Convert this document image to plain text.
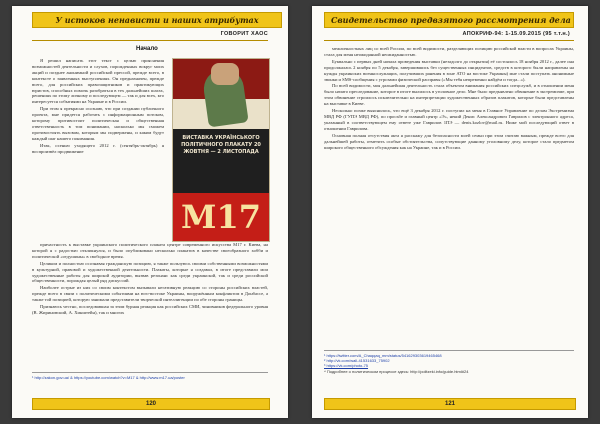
У истоков ненависти и наших атрибутах
ГОВОРИТ ХАОС
Начало

Я решил написать этот текст с целью прояснения возможностей деятельности и слухов, порожденных вокруг моих акций и позднее анонимной российской прессой, прежде всего, в контексте о заявленных выступлениях. Он предназначен, прежде всего, для российских правозащитников и практикующих юристов, способных помочь разобраться в тех дальнейших шагах, решениях по этому личному и последующем — так и для всех, кто интересуется событиями на Украине и в России.

При этом я прекрасно осознаю, что при создании публичного проекта, мне придется работать с информационным потоком, которому противостоит политическая и общественная ответственность в том понимании, насколько мы сможем противостоять вызовам, которым мы подвержены, и каким будут каждый шаг нашего понимания.

Итак, осенью уходящего 2012 г. (сентябрь-октябрь) я воспроизвёл продвижение

ВИСТАВКА УКРАЇНСЬКОГО ПОЛІТИЧНОГО ПЛАКАТУ 20 ЖОВТНЯ — 2 ЛИСТОПАДА
M17

причастность к выставке украинского политического плаката центре современного искусства М17 г. Киева, на которой я с радостью откликнулся, и было опубликовано несколько плакатов в качестве своеобразного хобби и политической «отдушины» в свободное время.

Целиком и полностью осознавая гражданскую позицию, я также пользуюсь своими собственными возможностями в культурной, правовой и художественной деятельности. Плакаты, которые я создавал, в итоге представили мои художественные работы для широкой аудитории, вызвав резонанс как среди украинской, так и среди российской общественности, порождая целый ряд дискуссий.

Наиболее острые из них со своим контекстом вызывали негативную реакцию со стороны российских властей, прежде всего в связи с политическими событиями на юго-востоке Украины, вооружённым конфликтом в Донбассе, а также той позицией, которую занимали представители творческой интеллигенции по обе стороны границы.

Признаюсь честно, последовавшая за этим бурная реакция как российских СМИ, чиновников федерального уровня (В. Жириновский, А. Хинштейн), так и многих

¹ http://zakon.gov.ua/ & https://youtube.com/watch?v=M17 & http://www.m17.ua/poster
120
Свидетельство предвзятого рассмотрения дела
АПОКРИФ-94: 1-15.09.2015 (95 т.т.н.)

межличностных лиц со всей России, по всей видимости, разделяющих позицию российской власти в вопросах Украины, стала для меня неожиданной неожиданностью.

Буквально с первых дней начала проведения выставки (незадолго до открытия) её состоялось 18 ноября 2012 г., далее она продолжалась 2 ноября по 5 декабря, завершившись без существенных инцидентов, средств в которого были направлены на нужды украинских военнослужащих, получивших ранения в зоне АТО на востоке Украины) мне стали поступать анонимные звонки и SMS-сообщения с угрозами физической расправы («Мы тебя непременно найдём и тогда...»).

По всей видимости, моя дальнейшая деятельность стала объектом внимания российских спецслужб, и в отношении меня было начато преследование, которое в итоге вылилось в уголовное дело. Мне было предъявлено обвинение в экстремизме, при этом обвинение строилось исключительно на интерпретации художественных образов плакатов, которые были представлены на выставке в Киеве.

Несколько позже выяснилось, что ещё 3 декабря 2012 г. поступил на меня в Главное Управление по делам Экстремизма МВД РФ (ГУПЭ МВД РФ), по просьбе и главный центр «Э», некий Денис Александрович Гаврилов с электронного адреса, указанный в соответствующем ему ответе уже Гаврилов 1ПЭ — denis.kozlov@mail.ru. Ниже мой последующий ответ в отношении Гаврилова.

Основная полная отсутствия акта я расскажу для безопасности моей семьи при этом считаю важным, прежде всего для дальнейшей работы, отметить особые обстоятельства, сопутствующие данному уголовному делу, которое стало предметом широкого общественного обсуждения как на Украине, так и в России.

¹ https://twitter.com/A_Chaqqaq_mm/status/541629303619465468
² http://vk.com/wall-41531633_75902
³ https://vk.com/photo-75
⁴ Подробнее о политическом процессе здесь: http://politzeki.info/guide.html#24
121
